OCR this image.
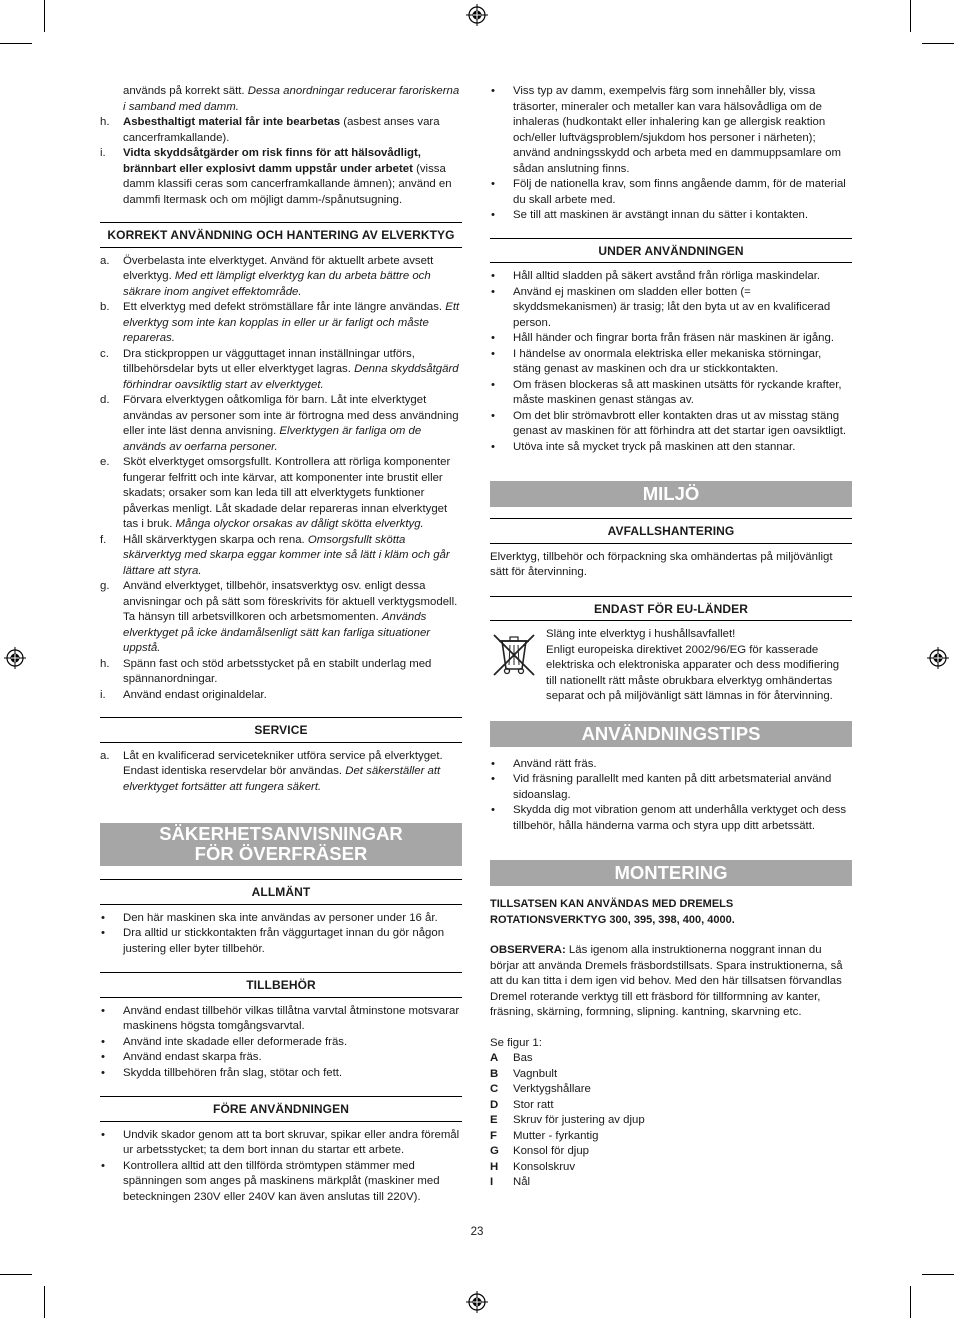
används på korrekt sätt. Dessa anordningar reducerar faroriskerna i samband med damm.
h. Asbesthaltigt material får inte bearbetas (asbest anses vara cancerframkallande).
i. Vidta skyddsåtgärder om risk finns för att hälsovådligt, brännbart eller explosivt damm uppstår under arbetet (vissa damm klassifi ceras som cancerframkallande ämnen); använd en dammfi ltermask och om möjligt damm-/spånutsugning.
KORREKT ANVÄNDNING OCH HANTERING AV ELVERKTYG
a. Överbelasta inte elverktyget. Använd för aktuellt arbete avsett elverktyg. Med ett lämpligt elverktyg kan du arbeta bättre och säkrare inom angivet effektområde.
b. Ett elverktyg med defekt strömställare får inte längre användas. Ett elverktyg som inte kan kopplas in eller ur är farligt och måste repareras.
c. Dra stickproppen ur vägguttaget innan inställningar utförs, tillbehörsdelar byts ut eller elverktyget lagras. Denna skyddsåtgärd förhindrar oavsiktlig start av elverktyget.
d. Förvara elverktygen oåtkomliga för barn. Låt inte elverktyget användas av personer som inte är förtrogna med dess användning eller inte läst denna anvisning. Elverktygen är farliga om de används av oerfarna personer.
e. Sköt elverktyget omsorgsfullt. Kontrollera att rörliga komponenter fungerar felfritt och inte kärvar, att komponenter inte brustit eller skadats; orsaker som kan leda till att elverktygets funktioner påverkas menligt. Låt skadade delar repareras innan elverktyget tas i bruk. Många olyckor orsakas av dåligt skötta elverktyg.
f. Håll skärverktygen skarpa och rena. Omsorgsfullt skötta skärverktyg med skarpa eggar kommer inte så lätt i kläm och går lättare att styra.
g. Använd elverktyget, tillbehör, insatsverktyg osv. enligt dessa anvisningar och på sätt som föreskrivits för aktuell verktygsmodell. Ta hänsyn till arbetsvillkoren och arbetsmomenten. Används elverktyget på icke ändamålsenligt sätt kan farliga situationer uppstå.
h. Spänn fast och stöd arbetsstycket på en stabilt underlag med spännanordningar.
i. Använd endast originaldelar.
SERVICE
a. Låt en kvalificerad servicetekniker utföra service på elverktyget. Endast identiska reservdelar bör användas. Det säkerställer att elverktyget fortsätter att fungera säkert.
SÄKERHETSANVISNINGAR FÖR ÖVERFRÄSER
ALLMÄNT
• Den här maskinen ska inte användas av personer under 16 år.
• Dra alltid ur stickkontakten från väggurtaget innan du gör någon justering eller byter tillbehör.
TILLBEHÖR
• Använd endast tillbehör vilkas tillåtna varvtal åtminstone motsvarar maskinens högsta tomgångsvarvtal.
• Använd inte skadade eller deformerade fräs.
• Använd endast skarpa fräs.
• Skydda tillbehören från slag, stötar och fett.
FÖRE ANVÄNDNINGEN
• Undvik skador genom att ta bort skruvar, spikar eller andra föremål ur arbetsstycket; ta dem bort innan du startar ett arbete.
• Kontrollera alltid att den tillförda strömtypen stämmer med spänningen som anges på maskinens märkplåt (maskiner med beteckningen 230V eller 240V kan även anslutas till 220V).
• Viss typ av damm, exempelvis färg som innehåller bly, vissa träsorter, mineraler och metaller kan vara hälsovådliga om de inhaleras (hudkontakt eller inhalering kan ge allergisk reaktion och/eller luftvägsproblem/sjukdom hos personer i närheten); använd andningsskydd och arbeta med en dammuppsamlare om sådan anslutning finns.
• Följ de nationella krav, som finns angående damm, för de material du skall arbete med.
• Se till att maskinen är avstängt innan du sätter i kontakten.
UNDER ANVÄNDNINGEN
• Håll alltid sladden på säkert avstånd från rörliga maskindelar.
• Använd ej maskinen om sladden eller botten (= skyddsmekanismen) är trasig; låt den byta ut av en kvalificerad person.
• Håll händer och fingrar borta från fräsen när maskinen är igång.
• I händelse av onormala elektriska eller mekaniska störningar, stäng genast av maskinen och dra ur stickkontakten.
• Om fräsen blockeras så att maskinen utsätts för ryckande krafter, måste maskinen genast stängas av.
• Om det blir strömavbrott eller kontakten dras ut av misstag stäng genast av maskinen för att förhindra att det startar igen oavsiktligt.
• Utöva inte så mycket tryck på maskinen att den stannar.
MILJÖ
AVFALLSHANTERING

Elverktyg, tillbehör och förpackning ska omhändertas på miljövänligt sätt för återvinning.

ENDAST FÖR EU-LÄNDER
Släng inte elverktyg i hushållsavfallet!
Enligt europeiska direktivet 2002/96/EG för kasserade elektriska och elektroniska apparater och dess modifiering till nationellt rätt måste obrukbara elverktyg omhändertas separat och på miljövänligt sätt lämnas in för återvinning.
ANVÄNDNINGSTIPS
• Använd rätt fräs.
• Vid fräsning parallellt med kanten på ditt arbetsmaterial använd sidoanslag.
• Skydda dig mot vibration genom att underhålla verktyget och dess tillbehör, hålla händerna varma och styra upp ditt arbetssätt.
MONTERING

TILLSATSEN KAN ANVÄNDAS MED DREMELS ROTATIONSVERKTYG 300, 395, 398, 400, 4000.

OBSERVERA: Läs igenom alla instruktionerna noggrant innan du börjar att använda Dremels fräsbordstillsats. Spara instruktionerna, så att du kan titta i dem igen vid behov. Med den här tillsatsen förvandlas Dremel roterande verktyg till ett fräsbord för tillformning av kanter, fräsning, skärning, formning, slipning. kantning, skarvning etc.

Se figur 1:

A Bas
B Vagnbult
C Verktygshållare
D Stor ratt
E Skruv för justering av djup
F Mutter - fyrkantig
G Konsol för djup
H Konsolskruv
I Nål
23
